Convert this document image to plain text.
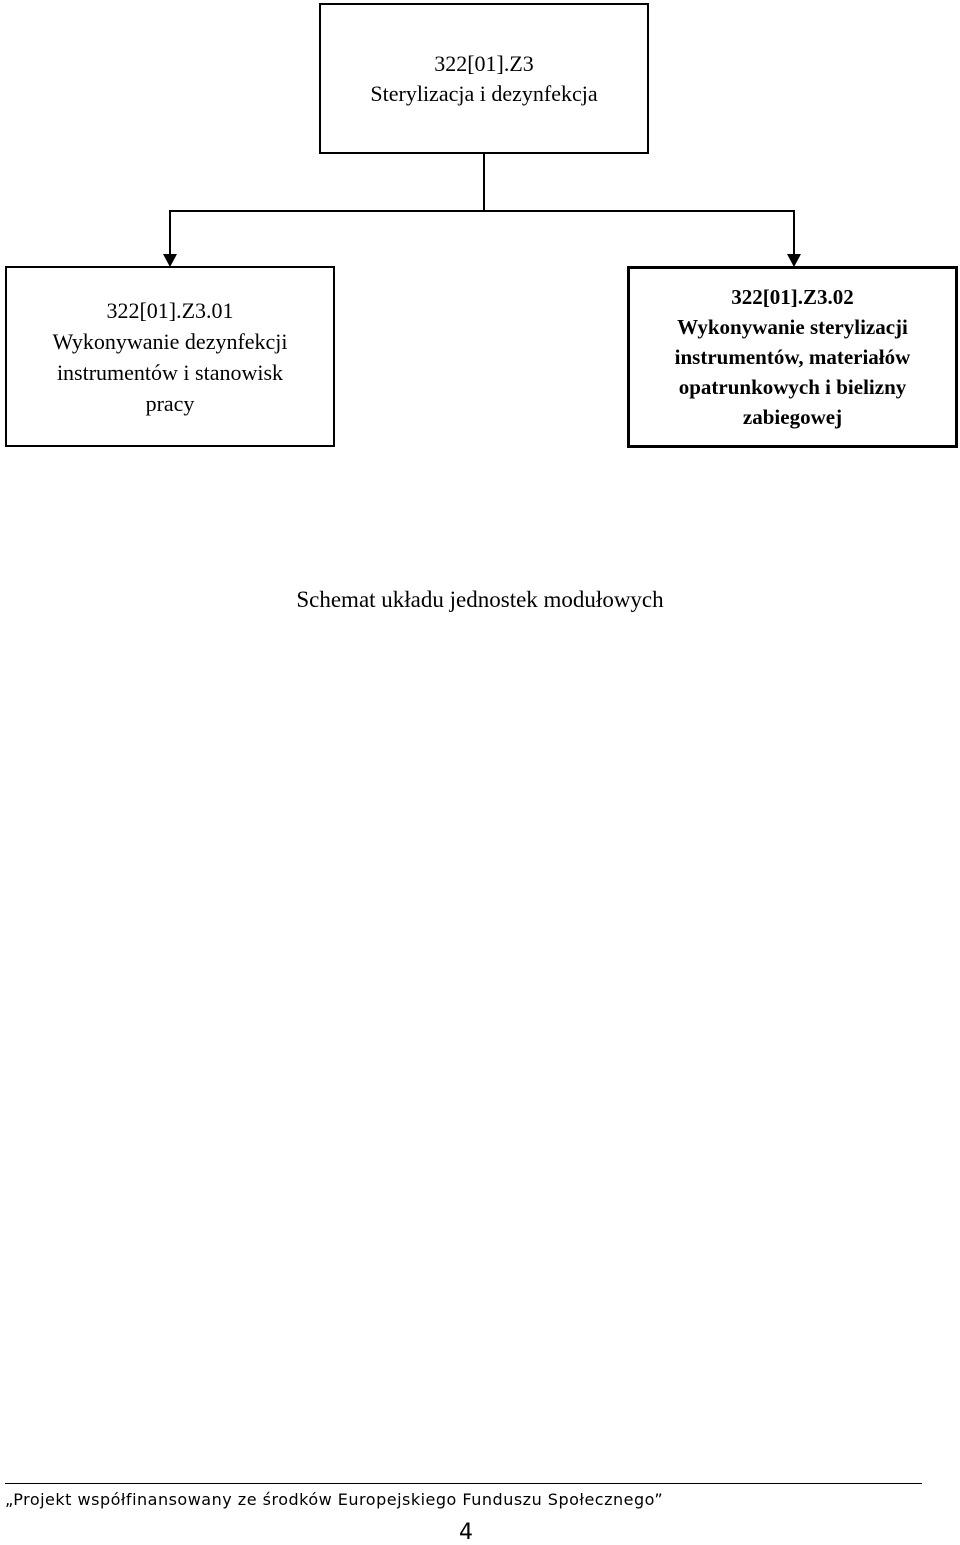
322[01].Z3
Sterylizacja i dezynfekcja
322[01].Z3.01
Wykonywanie dezynfekcji
instrumentów i stanowisk
pracy
322[01].Z3.02
Wykonywanie sterylizacji
instrumentów, materiałów
opatrunkowych i bielizny
zabiegowej
Schemat układu jednostek modułowych
„Projekt współfinansowany ze środków Europejskiego Funduszu Społecznego”
4
